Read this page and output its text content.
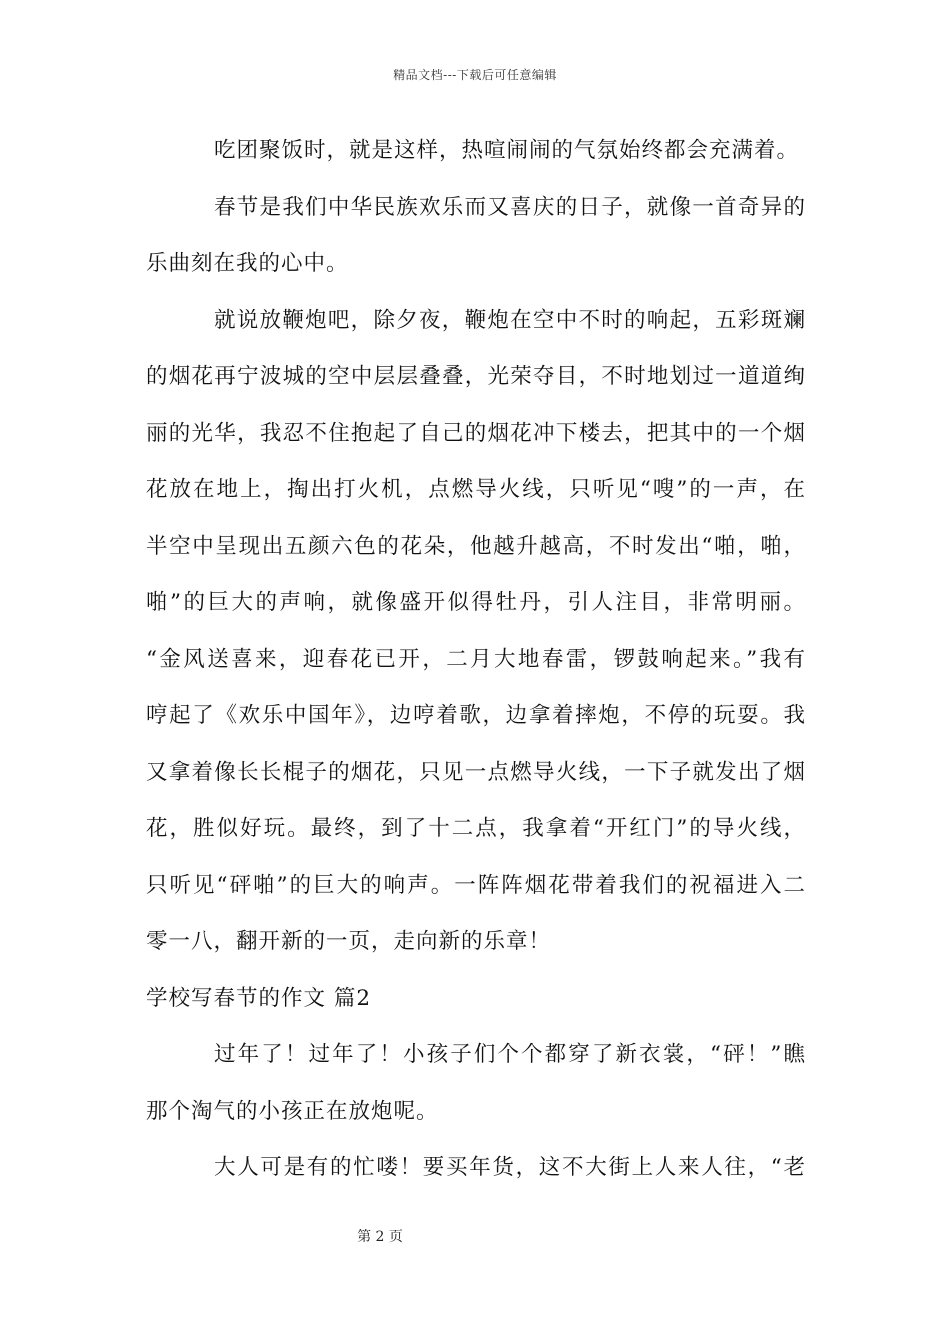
精品文档---下载后可任意编辑
吃团聚饭时，就是这样，热喧闹闹的气氛始终都会充满着。
春节是我们中华民族欢乐而又喜庆的日子，就像一首奇异的
乐曲刻在我的心中。
就说放鞭炮吧，除夕夜，鞭炮在空中不时的响起，五彩斑斓
的烟花再宁波城的空中层层叠叠，光荣夺目，不时地划过一道道绚
丽的光华，我忍不住抱起了自己的烟花冲下楼去，把其中的一个烟
花放在地上，掏出打火机，点燃导火线，只听见“嗖”的一声，在
半空中呈现出五颜六色的花朵，他越升越高，不时发出“啪，啪，
啪”的巨大的声响，就像盛开似得牡丹，引人注目，非常明丽。
“金风送喜来，迎春花已开，二月大地春雷，锣鼓响起来。”我有
哼起了《欢乐中国年》，边哼着歌，边拿着摔炮，不停的玩耍。我
又拿着像长长棍子的烟花，只见一点燃导火线，一下子就发出了烟
花，胜似好玩。最终，到了十二点，我拿着“开红门”的导火线，
只听见“砰啪”的巨大的响声。一阵阵烟花带着我们的祝福进入二
零一八，翻开新的一页，走向新的乐章！
学校写春节的作文 篇2
过年了！过年了！小孩子们个个都穿了新衣裳，“砰！”瞧
那个淘气的小孩正在放炮呢。
大人可是有的忙喽！要买年货，这不大街上人来人往，“老
第 2 页
